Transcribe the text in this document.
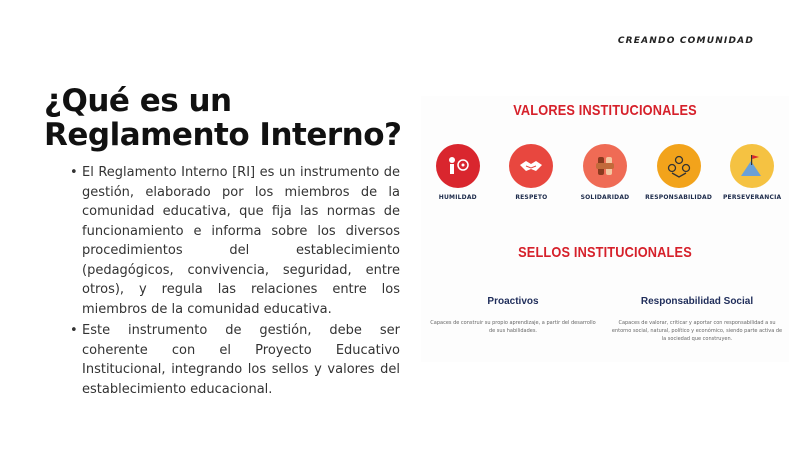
CREANDO COMUNIDAD
¿Qué es un
Reglamento Interno?
• El Reglamento Interno [RI] es un instrumento de gestión, elaborado por los miembros de la comunidad educativa, que fija las normas de funcionamiento e informa sobre los diversos procedimientos del establecimiento (pedagógicos, convivencia, seguridad, entre otros), y regula las relaciones entre los miembros de la comunidad educativa.
• Este instrumento de gestión, debe ser coherente con el Proyecto Educativo Institucional, integrando los sellos y valores del establecimiento educacional.
VALORES INSTITUCIONALES
HUMILDAD	RESPETO	SOLIDARIDAD	RESPONSABILIDAD PERSEVERANCIA
SELLOS INSTITUCIONALES
Proactivos
Capaces de construir su propio aprendizaje, a partir del desarrollo de sus habilidades.
Responsabilidad Social
Capaces de valorar, criticar y aportar con responsabilidad a su entorno social, natural, político y económico, siendo parte activa de la sociedad que construyen.
